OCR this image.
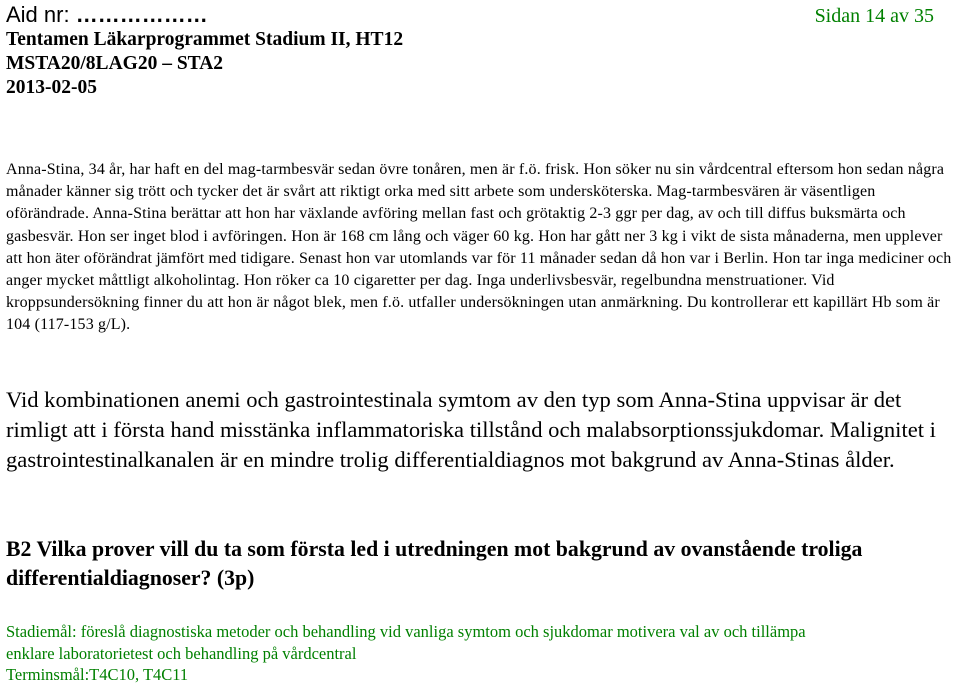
Aid nr: ………………	Sidan 14 av 35
Tentamen Läkarprogrammet Stadium II, HT12
MSTA20/8LAG20 – STA2
2013-02-05
Anna-Stina, 34 år, har haft en del mag-tarmbesvär sedan övre tonåren, men är f.ö. frisk. Hon söker nu sin vårdcentral eftersom hon sedan några månader känner sig trött och tycker det är svårt att riktigt orka med sitt arbete som undersköterska. Mag-tarmbesvären är väsentligen oförändrade. Anna-Stina berättar att hon har växlande avföring mellan fast och grötaktig 2-3 ggr per dag, av och till diffus buksmärta och gasbesvär. Hon ser inget blod i avföringen. Hon är 168 cm lång och väger 60 kg. Hon har gått ner 3 kg i vikt de sista månaderna, men upplever att hon äter oförändrat jämfört med tidigare. Senast hon var utomlands var för 11 månader sedan då hon var i Berlin. Hon tar inga mediciner och anger mycket måttligt alkoholintag. Hon röker ca 10 cigaretter per dag. Inga underlivsbesvär, regelbundna menstruationer. Vid kroppsundersökning finner du att hon är något blek, men f.ö. utfaller undersökningen utan anmärkning. Du kontrollerar ett kapillärt Hb som är 104 (117-153 g/L).
Vid kombinationen anemi och gastrointestinala symtom av den typ som Anna-Stina uppvisar är det rimligt att i första hand misstänka inflammatoriska tillstånd och malabsorptionssjukdomar. Malignitet i gastrointestinalkanalen är en mindre trolig differentialdiagnos mot bakgrund av Anna-Stinas ålder.
B2 Vilka prover vill du ta som första led i utredningen mot bakgrund av ovanstående troliga differentialdiagnoser? (3p)
Stadiemål: föreslå diagnostiska metoder och behandling vid vanliga symtom och sjukdomar motivera val av och tillämpa
enklare laboratorietest och behandling på vårdcentral
Terminsmål:T4C10, T4C11
